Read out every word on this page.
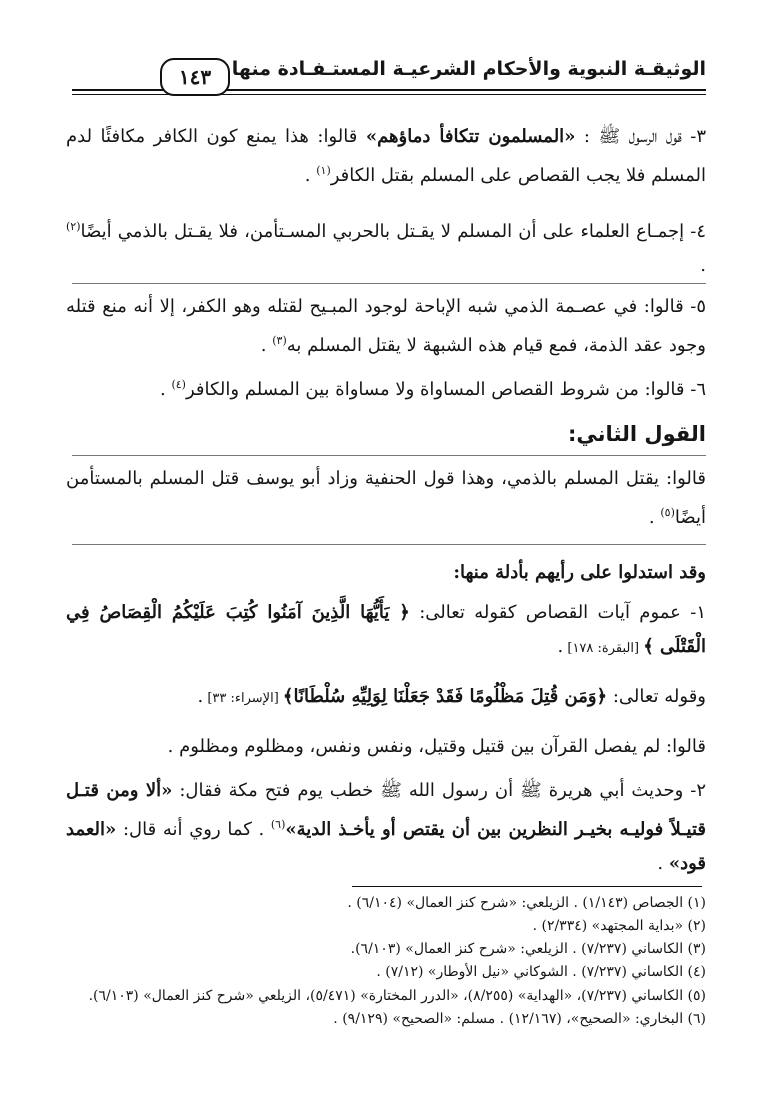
الوثيقـة النبوية والأحكام الشرعيـة المستـفـادة منها
١٤٣
٣- قول الرسول ﷺ : «المسلمون تتكافأ دماؤهم» قالوا: هذا يمنع كون الكافر مكافئًا لدم المسلم فلا يجب القصاص على المسلم بقتل الكافر$^{(١)}$ .
٤- إجمـاع العلماء على أن المسلم لا يقـتل بالحربي المسـتأمن، فلا يقـتل بالذمي أيضًا$^{(٢)}$ .
٥- قالوا: في عصـمة الذمي شبه الإباحة لوجود المبـيح لقتله وهو الكفر، إلا أنه منع قتله وجود عقد الذمة، فمع قيام هذه الشبهة لا يقتل المسلم به$^{(٣)}$ .
٦- قالوا: من شروط القصاص المساواة ولا مساواة بين المسلم والكافر$^{(٤)}$ .
القول الثاني:
قالوا: يقتل المسلم بالذمي، وهذا قول الحنفية وزاد أبو يوسف قتل المسلم بالمستأمن أيضًا$^{(٥)}$ .
وقد استدلوا على رأيهم بأدلة منها:
١- عموم آيات القصاص كقوله تعالى: ﴿ يَأَيُّهَا الَّذِينَ آمَنُوا كُتِبَ عَلَيْكُمُ الْقِصَاصُ فِي الْقَتْلَى ﴾ [البقرة: ١٧٨] .
وقوله تعالى: ﴿وَمَن قُتِلَ مَظْلُومًا فَقَدْ جَعَلْنَا لِوَلِيِّهِ سُلْطَانًا﴾ [الإسراء: ٣٣] .
قالوا: لم يفصل القرآن بين قتيل وقتيل، ونفس ونفس، ومظلوم ومظلوم .
٢- وحديث أبي هريرة ﷺ أن رسول الله ﷺ خطب يوم فتح مكة فقال: «ألا ومن قتـل قتيـلاً فوليـه بخيـر النظرين بين أن يقتص أو يأخـذ الدية»$^{(٦)}$ . كما روي أنه قال: «العمد قود» .
(١) الجصاص (١/١٤٣) . الزيلعي: «شرح كنز العمال» (٦/١٠٤) .
(٢) «بداية المجتهد» (٢/٣٣٤) .
(٣) الكاساني (٧/٢٣٧) . الزيلعي: «شرح كنز العمال» (٦/١٠٣).
(٤) الكاساني (٧/٢٣٧) . الشوكاني «نيل الأوطار» (٧/١٢) .
(٥) الكاساني (٧/٢٣٧)، «الهداية» (٨/٢٥٥)، «الدرر المختارة» (٥/٤٧١)، الزيلعي «شرح كنز العمال» (٦/١٠٣).
(٦) البخاري: «الصحيح»، (١٢/١٦٧) . مسلم: «الصحيح» (٩/١٢٩) .
